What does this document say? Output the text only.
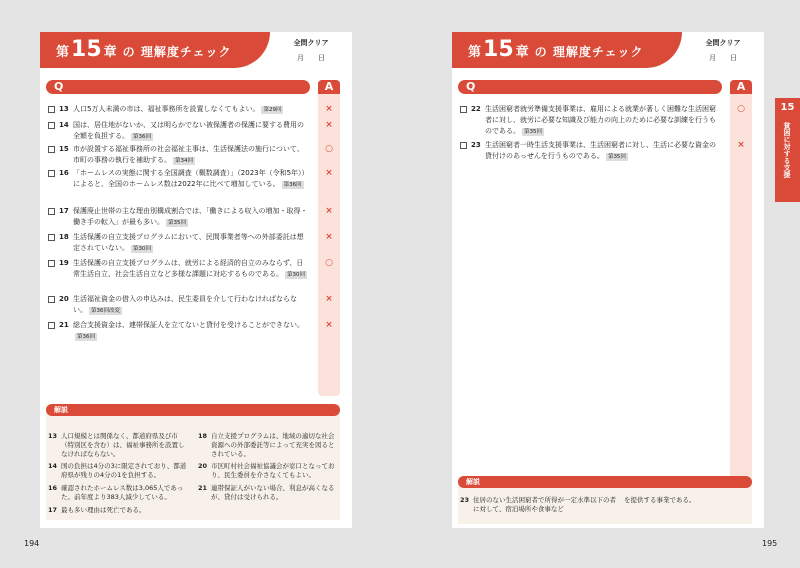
第 15 章 の 理解度チェック
全問クリア
月 日
Q	A
13 人口5万人未満の市は、福祉事務所を設置しなくてもよい。 第29回	×
14 国は、居住地がないか、又は明らかでない被保護者の保護に要する費用の全額を負担する。 第36回
×
15 市が設置する福祉事務所の社会福祉主事は、生活保護法の施行について、市町の事務の執行を補助する。 第34回
○
16 「ホームレスの実態に関する全国調査（概数調査）」（2023年（令和5年））によると、全国のホームレス数は2022年に比べて増加している。 第36回
×
17 保護廃止世帯の主な理由別構成割合では、「働きによる収入の増加・取得・働き手の転入」が最も多い。 第35回
×
18 生活保護の自立支援プログラムにおいて、民間事業者等への外部委託は想定されていない。 第30回
×
19 生活保護の自立支援プログラムは、就労による経済的自立のみならず、日常生活自立、社会生活自立など多様な課題に対応するものである。 第30回
○
20 生活福祉資金の借入の申込みは、民生委員を介して行わなければならない。 第36回改変
×
21 総合支援資金は、連帯保証人を立てないと貸付を受けることができない。第36回
×
解説
13 人口規模とは関係なく、都道府県及び市（特別区を含む）は、福祉事務所を設置しなければならない。
14 国の負担は4分の3に限定されており、都道府県が残りの4分の1を負担する。
16 確認されたホームレス数は3,065人であった。前年度より383人減少している。
17 最も多い理由は死亡である。
18 自立支援プログラムは、地域の適切な社会資源への外部委託等によって充実を図るとされている。
20 市区町村社会福祉協議会が窓口となっており、民生委員を介さなくてもよい。
21 連帯保証人がいない場合、利息が高くなるが、貸付は受けられる。
194
第 15 章 の 理解度チェック
全問クリア
月 日
Q	A
22 生活困窮者就労準備支援事業は、雇用による就業が著しく困難な生活困窮者に対し、就労に必要な知識及び能力の向上のために必要な訓練を行うものである。 第35回
○
23 生活困窮者一時生活支援事業は、生活困窮者に対し、生活に必要な資金の貸付けのあっせんを行うものである。 第35回
×
解説
23 住居のない生活困窮者で所得が一定水準以下の者に対して、宿泊場所や食事など
を提供する事業である。
195
15
貧困に対する支援
